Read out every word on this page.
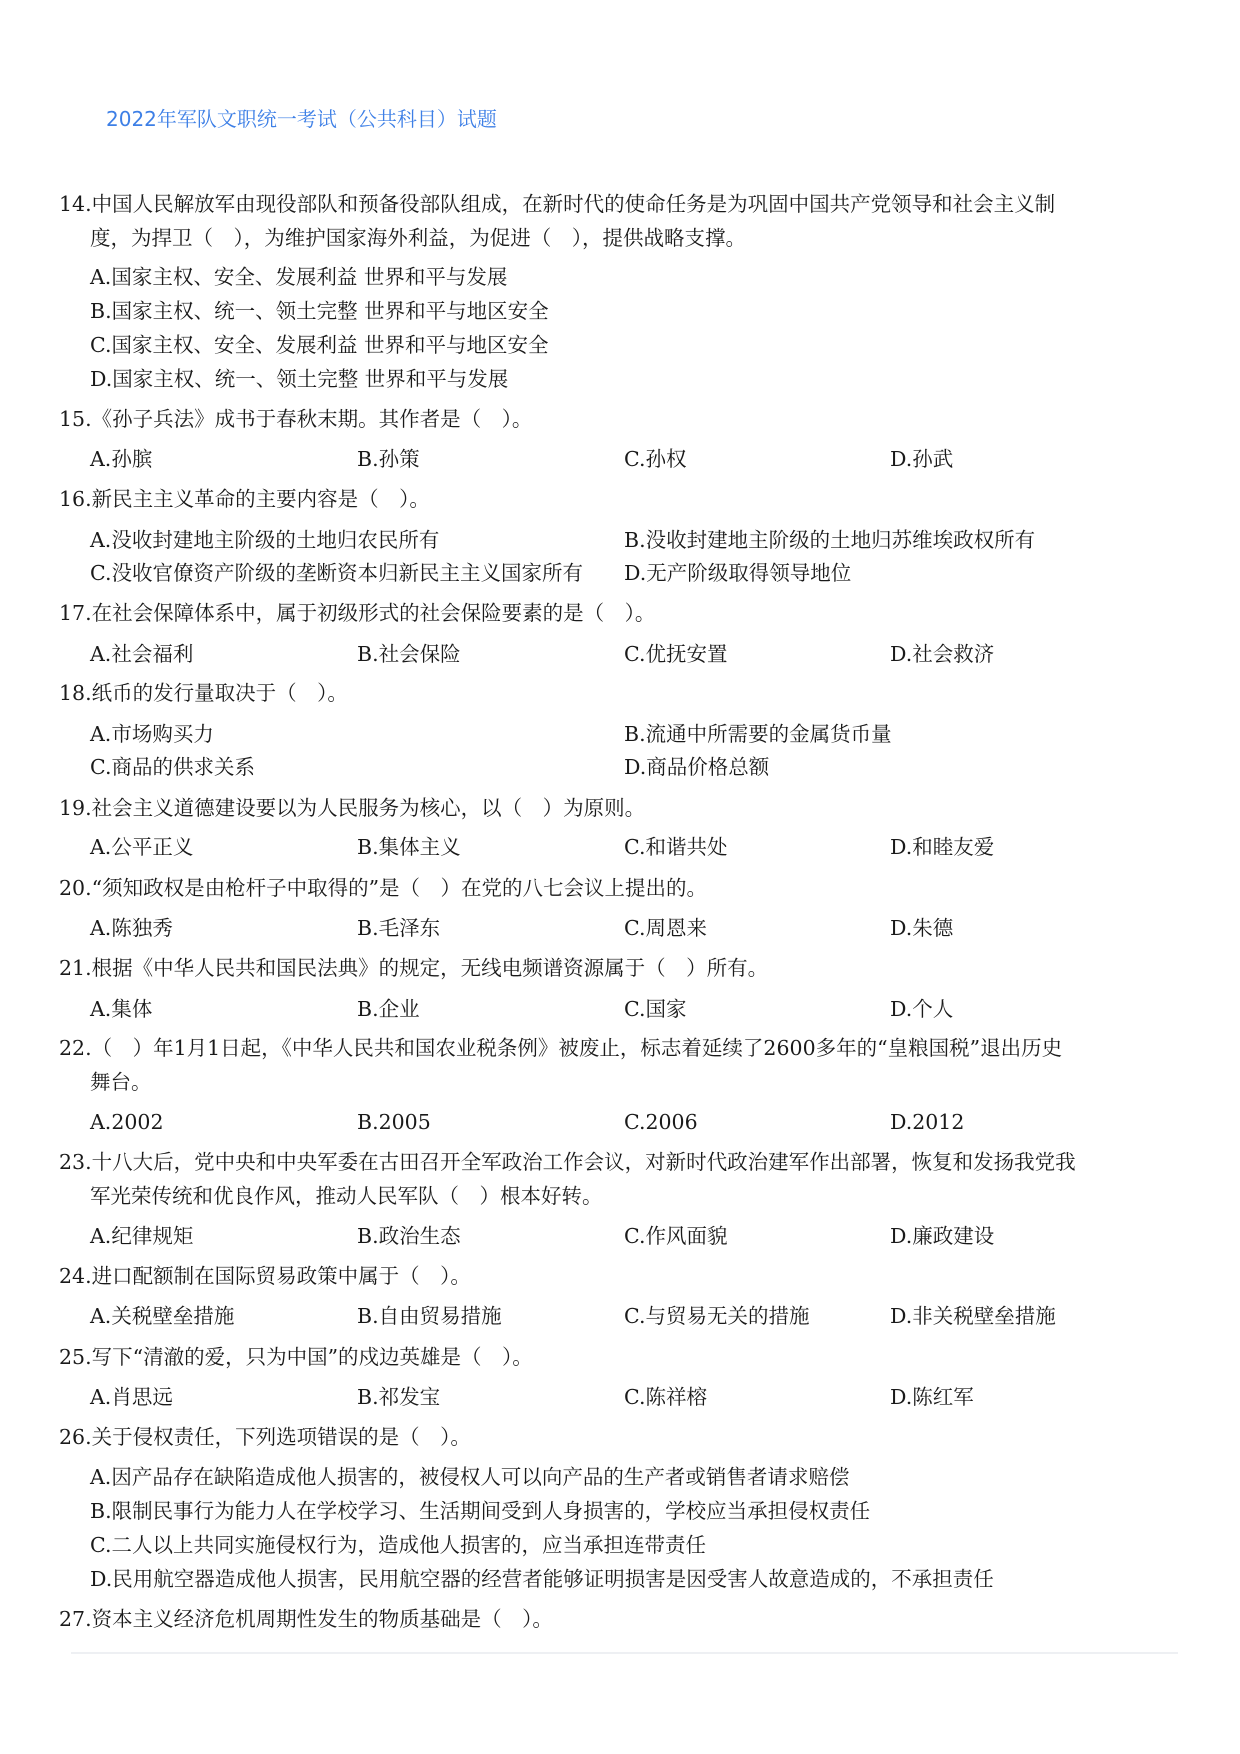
2022年军队文职统一考试（公共科目）试题
14.中国人民解放军由现役部队和预备役部队组成，在新时代的使命任务是为巩固中国共产党领导和社会主义制
度，为捍卫（　），为维护国家海外利益，为促进（　），提供战略支撑。
A.国家主权、安全、发展利益 世界和平与发展
B.国家主权、统一、领土完整 世界和平与地区安全
C.国家主权、安全、发展利益 世界和平与地区安全
D.国家主权、统一、领土完整 世界和平与发展
15.《孙子兵法》成书于春秋末期。其作者是（　）。
A.孙膑	B.孙策	C.孙权	D.孙武
16.新民主主义革命的主要内容是（　）。
A.没收封建地主阶级的土地归农民所有	B.没收封建地主阶级的土地归苏维埃政权所有
C.没收官僚资产阶级的垄断资本归新民主主义国家所有 D.无产阶级取得领导地位
17.在社会保障体系中，属于初级形式的社会保险要素的是（　）。
A.社会福利	B.社会保险	C.优抚安置	D.社会救济
18.纸币的发行量取决于（　）。
A.市场购买力	B.流通中所需要的金属货币量
C.商品的供求关系	D.商品价格总额
19.社会主义道德建设要以为人民服务为核心，以（　）为原则。
A.公平正义	B.集体主义	C.和谐共处	D.和睦友爱
20.“须知政权是由枪杆子中取得的”是（　）在党的八七会议上提出的。
A.陈独秀	B.毛泽东	C.周恩来	D.朱德
21.根据《中华人民共和国民法典》的规定，无线电频谱资源属于（　）所有。
A.集体	B.企业	C.国家	D.个人
22.（　）年1月1日起，《中华人民共和国农业税条例》被废止，标志着延续了2600多年的“皇粮国税”退出历史
舞台。
A.2002	B.2005	C.2006	D.2012
23.十八大后，党中央和中央军委在古田召开全军政治工作会议，对新时代政治建军作出部署，恢复和发扬我党我
军光荣传统和优良作风，推动人民军队（　）根本好转。
A.纪律规矩	B.政治生态	C.作风面貌	D.廉政建设
24.进口配额制在国际贸易政策中属于（　）。
A.关税壁垒措施	B.自由贸易措施	C.与贸易无关的措施	D.非关税壁垒措施
25.写下“清澈的爱，只为中国”的戍边英雄是（　）。
A.肖思远	B.祁发宝	C.陈祥榕	D.陈红军
26.关于侵权责任，下列选项错误的是（　）。
A.因产品存在缺陷造成他人损害的，被侵权人可以向产品的生产者或销售者请求赔偿
B.限制民事行为能力人在学校学习、生活期间受到人身损害的，学校应当承担侵权责任
C.二人以上共同实施侵权行为，造成他人损害的，应当承担连带责任
D.民用航空器造成他人损害，民用航空器的经营者能够证明损害是因受害人故意造成的，不承担责任
27.资本主义经济危机周期性发生的物质基础是（　）。
